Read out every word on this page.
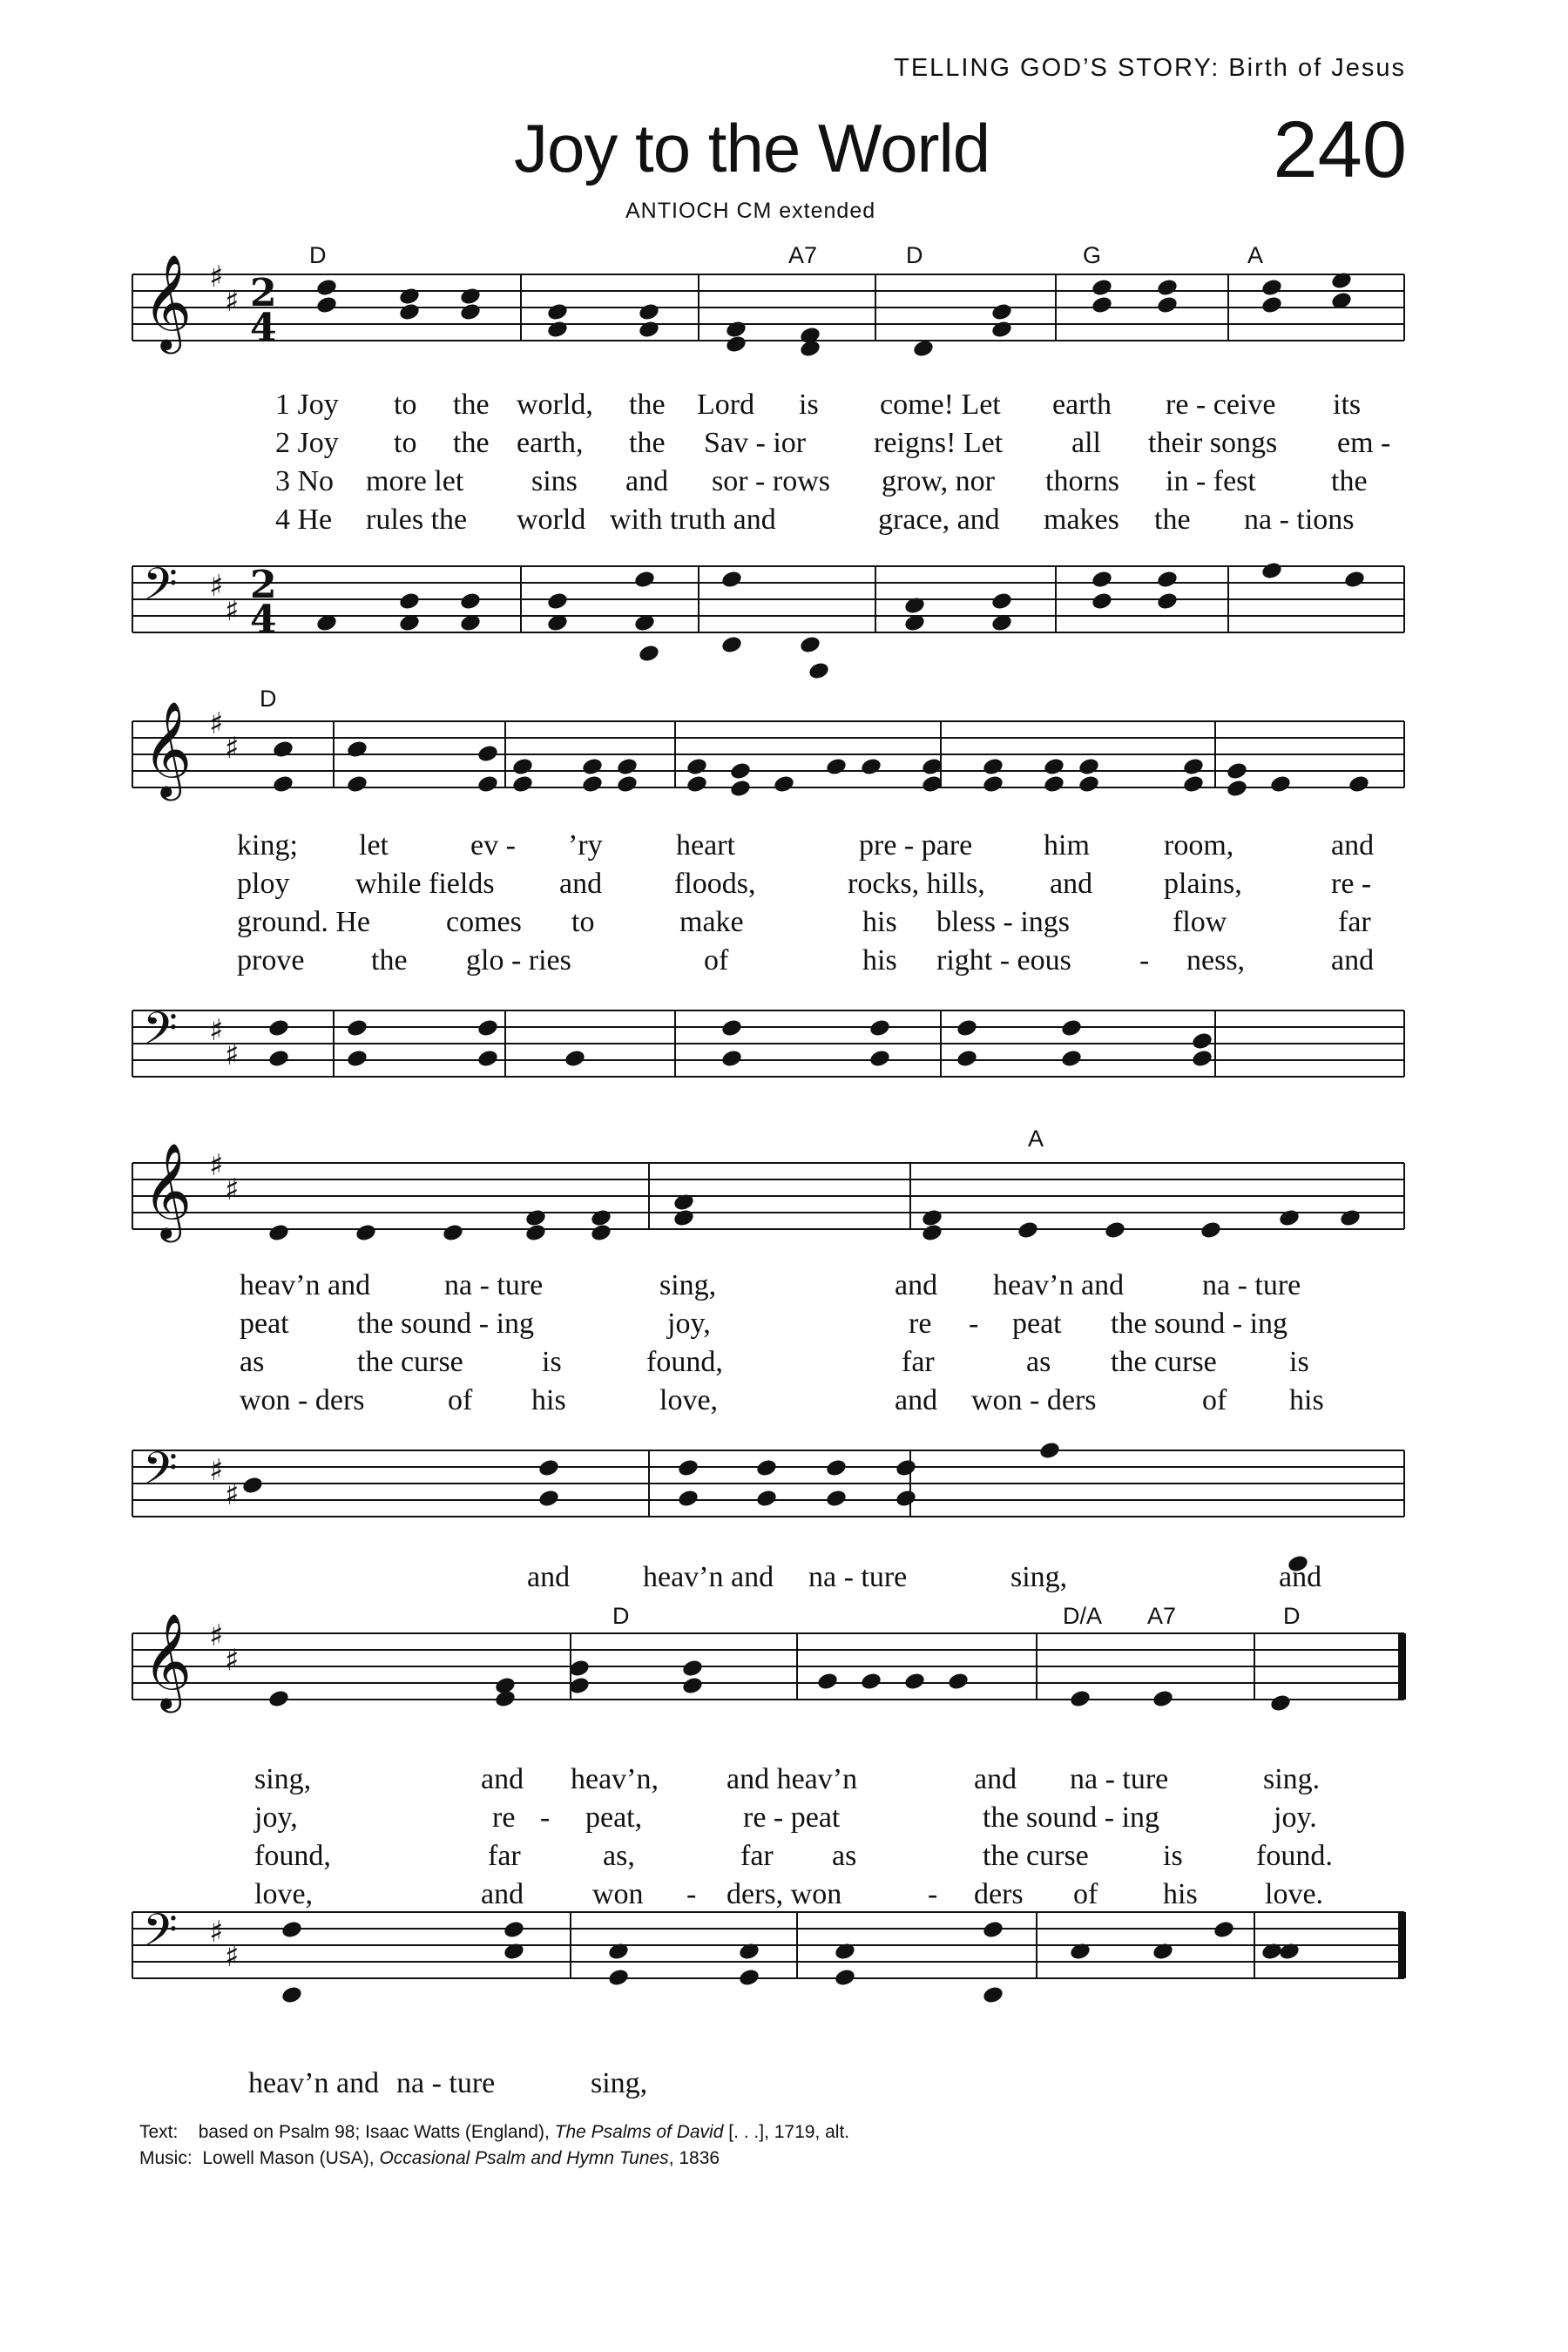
TELLING GOD’S STORY: Birth of Jesus
Joy to the World	240
ANTIOCH CM extended
D	A7	D	G	A
D
A
D	D/A A7	D
𝄞 ♯
♯ 2
4
𝄢 ♯
♯
2
4
𝄞 ♯
♯
𝄢 ♯
♯
𝄞 ♯
♯
𝄢 ♯
♯
𝄞 ♯
♯
𝄢 ♯
♯
1 Joy to the world, the Lord is come! Let earth re - ceive its
2 Joy to the earth, the Sav - ior reigns! Let all their songs em -
3 No more let sins and sor - rows grow, nor thorns in - fest	the
4 He rules the world with truth and	grace, and makes the na - tions
king; let	ev - ’ry heart	pre - pare him	room,	and
ploy while fields and floods,	rocks, hills, and plains,	re -
ground. He	comes to	make	his bless - ings	flow	far
prove the glo - ries	of	his right - eous - ness,	and
heav’n and na - ture	sing,	and heav’n and	na - ture
peat the sound - ing	joy,	re - peat the sound - ing
as	the curse	is	found,	far	as the curse is
won - ders	of his	love,	and won - ders	of his
and heav’n and na - ture	sing,	and
sing,	and heav’n, and heav’n	and na - ture	sing.
joy,	re - peat,	re - peat	the sound - ing	joy.
found,	far	as,	far as	the curse	is found.
love,	and won - ders, won	- ders of his love.
heav’n and na - ture	sing,
Text: based on Psalm 98; Isaac Watts (England), The Psalms of David [. . .], 1719, alt.
Music: Lowell Mason (USA), Occasional Psalm and Hymn Tunes, 1836
